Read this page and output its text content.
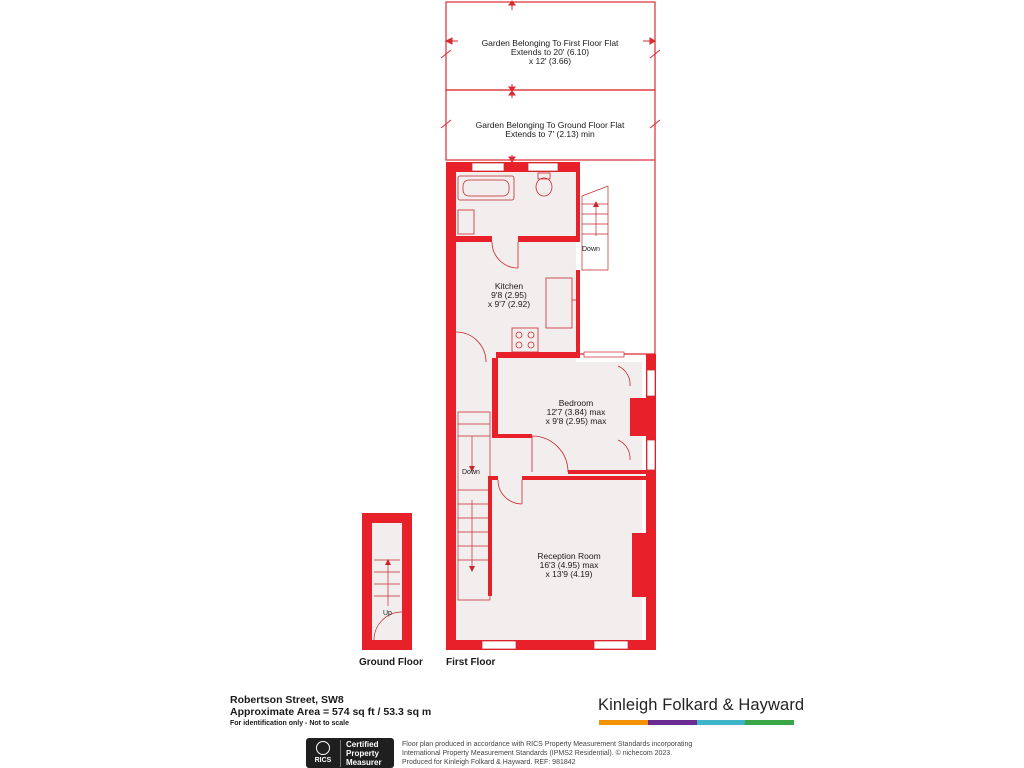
Garden Belonging To First Floor Flat
Extends to 20' (6.10)
x 12' (3.66)
Garden Belonging To Ground Floor Flat
Extends to 7' (2.13) min
Kitchen
9'8 (2.95)
x 9'7 (2.92)
Bedroom
12'7 (3.84) max
x 9'8 (2.95) max
Reception Room
16'3 (4.95) max
x 13'9 (4.19)
Down
Down
Up
Ground Floor First Floor
Robertson Street, SW8
Approximate Area = 574 sq ft / 53.3 sq m
For identification only - Not to scale
Kinleigh Folkard & Hayward
RICS
Certified
Property
Measurer
Floor plan produced in accordance with RICS Property Measurement Standards incorporating
International Property Measurement Standards (IPMS2 Residential). © nichecom 2023.
Produced for Kinleigh Folkard & Hayward. REF: 981842
